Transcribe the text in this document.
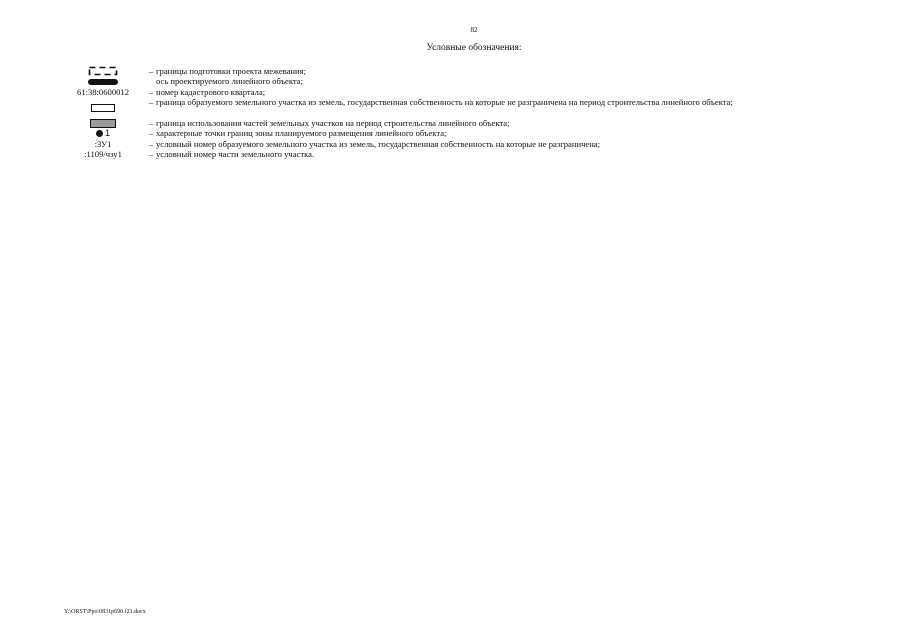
82
Условные обозначения:
– границы подготовки проекта межевания;
ось проектируемого линейного объекта;
61:38:0600012	– номер кадастрового квартала;
– граница образуемого земельного участка из земель, государственная собственность на которые не разграничена на период строительства линейного объекта;
– граница использования частей земельных участков на период строительства линейного объекта;
1	– характерные точки границ зоны планируемого размещения линейного объекта;
:ЗУ1	– условный номер образуемого земельного участка из земель, государственная собственность на которые не разграничена;
:1109/чзу1	– условный номер части земельного участка.
Y:\ORST\Ppo\0831p690.f21.docx
